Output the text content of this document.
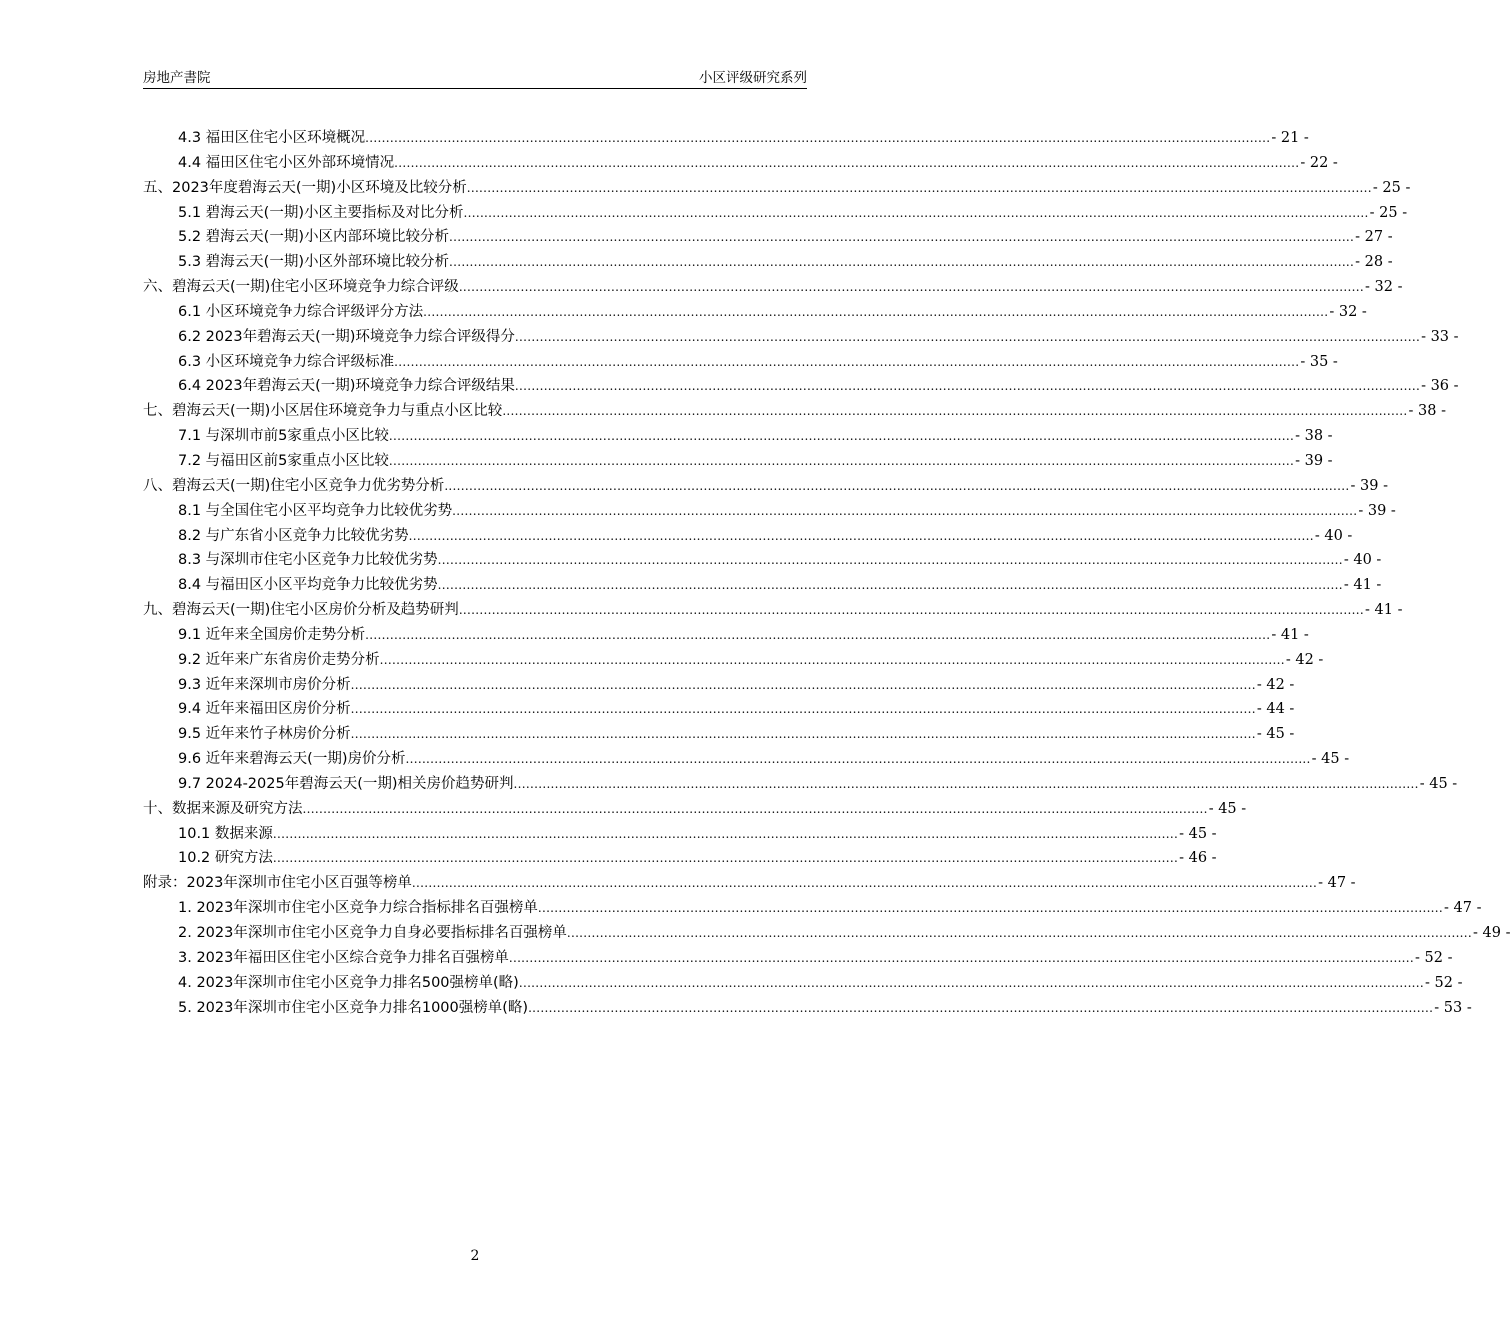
房地产書院	小区评级研究系列
4.3 福田区住宅小区环境概况 ............................................................................................................................................................................................................................ - 21 -
4.4 福田区住宅小区外部环境情况 ............................................................................................................................................................................................................................ - 22 -
五、2023年度碧海云天(一期)小区环境及比较分析 ............................................................................................................................................................................................................................ - 25 -
5.1 碧海云天(一期)小区主要指标及对比分析 ............................................................................................................................................................................................................................ - 25 -
5.2 碧海云天(一期)小区内部环境比较分析 ............................................................................................................................................................................................................................ - 27 -
5.3 碧海云天(一期)小区外部环境比较分析 ............................................................................................................................................................................................................................ - 28 -
六、碧海云天(一期)住宅小区环境竞争力综合评级 ............................................................................................................................................................................................................................ - 32 -
6.1 小区环境竞争力综合评级评分方法 ............................................................................................................................................................................................................................ - 32 -
6.2 2023年碧海云天(一期)环境竞争力综合评级得分 ............................................................................................................................................................................................................................ - 33 -
6.3 小区环境竞争力综合评级标准 ............................................................................................................................................................................................................................ - 35 -
6.4 2023年碧海云天(一期)环境竞争力综合评级结果 ............................................................................................................................................................................................................................ - 36 -
七、碧海云天(一期)小区居住环境竞争力与重点小区比较 ............................................................................................................................................................................................................................ - 38 -
7.1 与深圳市前5家重点小区比较 ............................................................................................................................................................................................................................ - 38 -
7.2 与福田区前5家重点小区比较 ............................................................................................................................................................................................................................ - 39 -
八、碧海云天(一期)住宅小区竞争力优劣势分析 ............................................................................................................................................................................................................................ - 39 -
8.1 与全国住宅小区平均竞争力比较优劣势 ............................................................................................................................................................................................................................ - 39 -
8.2 与广东省小区竞争力比较优劣势 ............................................................................................................................................................................................................................ - 40 -
8.3 与深圳市住宅小区竞争力比较优劣势 ............................................................................................................................................................................................................................ - 40 -
8.4 与福田区小区平均竞争力比较优劣势 ............................................................................................................................................................................................................................ - 41 -
九、碧海云天(一期)住宅小区房价分析及趋势研判 ............................................................................................................................................................................................................................ - 41 -
9.1 近年来全国房价走势分析 ............................................................................................................................................................................................................................ - 41 -
9.2 近年来广东省房价走势分析 ............................................................................................................................................................................................................................ - 42 -
9.3 近年来深圳市房价分析 ............................................................................................................................................................................................................................ - 42 -
9.4 近年来福田区房价分析 ............................................................................................................................................................................................................................ - 44 -
9.5 近年来竹子林房价分析 ............................................................................................................................................................................................................................ - 45 -
9.6 近年来碧海云天(一期)房价分析 ............................................................................................................................................................................................................................ - 45 -
9.7 2024-2025年碧海云天(一期)相关房价趋势研判 ............................................................................................................................................................................................................................ - 45 -
十、数据来源及研究方法 ............................................................................................................................................................................................................................ - 45 -
10.1 数据来源 ............................................................................................................................................................................................................................ - 45 -
10.2 研究方法 ............................................................................................................................................................................................................................ - 46 -
附录：2023年深圳市住宅小区百强等榜单 ............................................................................................................................................................................................................................ - 47 -
1. 2023年深圳市住宅小区竞争力综合指标排名百强榜单 ............................................................................................................................................................................................................................ - 47 -
2. 2023年深圳市住宅小区竞争力自身必要指标排名百强榜单 ............................................................................................................................................................................................................................ - 49 -
3. 2023年福田区住宅小区综合竞争力排名百强榜单 ............................................................................................................................................................................................................................ - 52 -
4. 2023年深圳市住宅小区竞争力排名500强榜单(略) ............................................................................................................................................................................................................................ - 52 -
5. 2023年深圳市住宅小区竞争力排名1000强榜单(略) ............................................................................................................................................................................................................................ - 53 -
2
